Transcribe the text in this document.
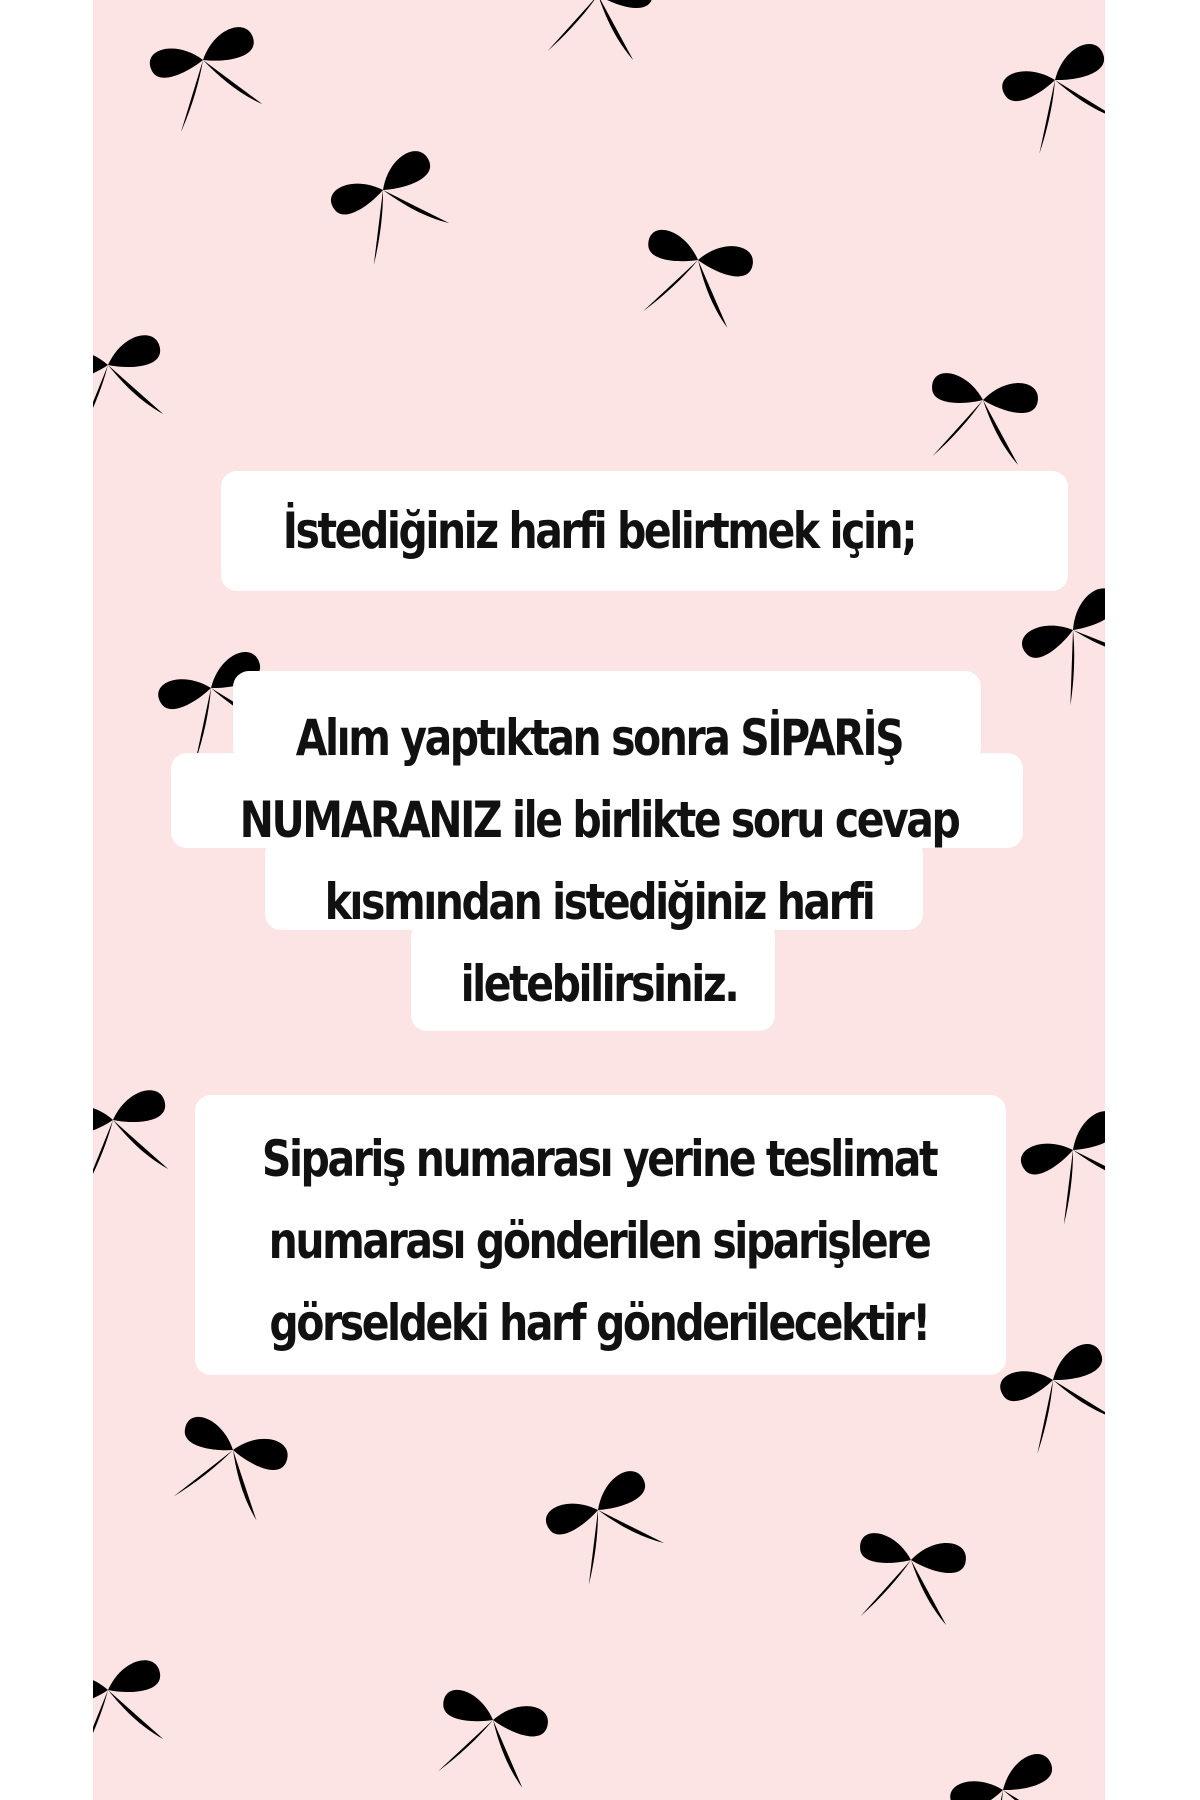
İstediğiniz harfi belirtmek için;
Alım yaptıktan sonra SİPARİŞ
NUMARANIZ ile birlikte soru cevap
kısmından istediğiniz harfi
iletebilirsiniz.
Sipariş numarası yerine teslimat
numarası gönderilen siparişlere
görseldeki harf gönderilecektir!
